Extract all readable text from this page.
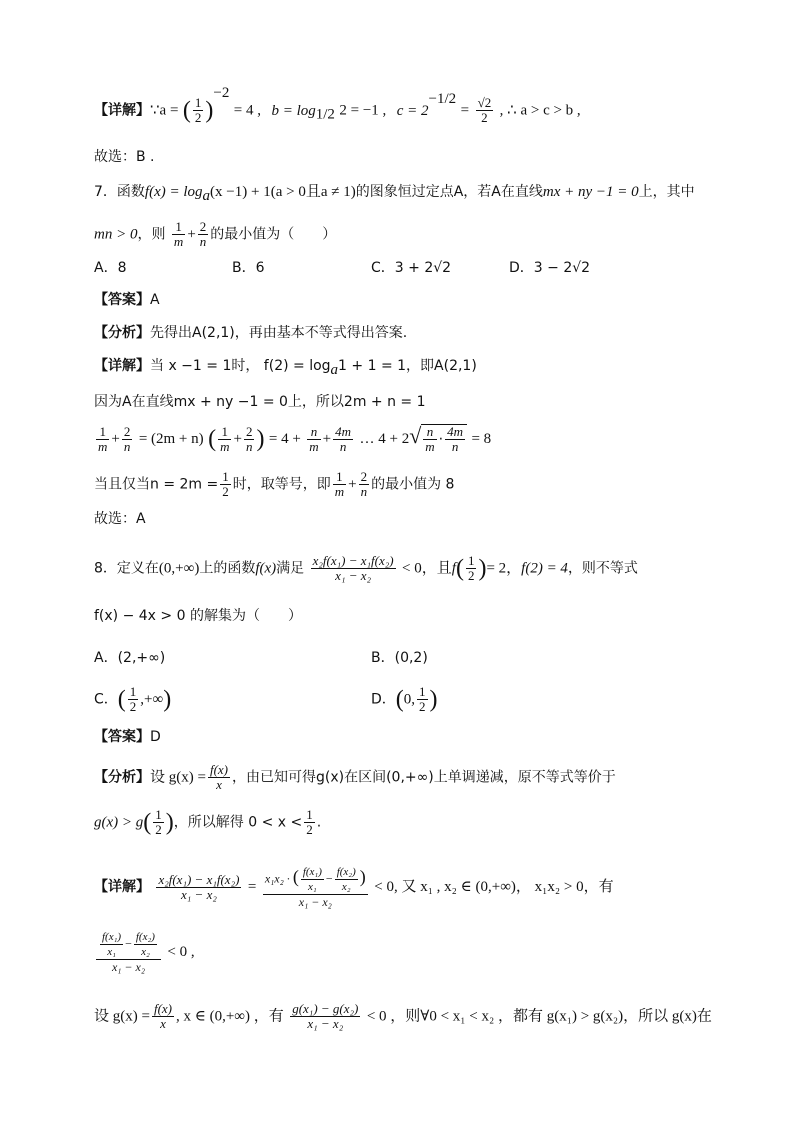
【详解】∵a = ( $\frac{1}{2} )^{-2} = 4$ , $b = \log_{1/2} 2 = -1$ , $c = 2^{-1/2} = \frac{√2}{2}$ , ∴ a > c > b ,
故选：B .
7．函数$f(x) = \log_a(x -1) + 1(a > 0$且a ≠ 1)的图象恒过定点A，若A在直线mx + ny −1 = 0上，其中
mn > 0，则 $\frac{1}{m} + \frac{2}{n}$ 的最小值为（　　）
A．8	B．6	C．3 + 2√2	D．3 − 2√2
【答案】A
【分析】先得出A(2,1)，再由基本不等式得出答案.
【详解】当 x −1 = 1时， $f(2) = \log_a1 + 1 = 1$，即A(2,1)
因为A在直线mx + ny −1 = 0上，所以2m + n = 1
$\frac{1}{m} + \frac{2}{n} = (2m + n)$ ( $\frac{1}{m} + \frac{2}{n}$ ) = $4 + \frac{n}{m} + \frac{4m}{n}$ … $4 + 2√ \frac{n}{m} \cdot \frac{4m}{n} = 8$
当且仅当$n = 2m = \frac{1}{2}$ 时，取等号，即 $\frac{1}{m} + \frac{2}{n}$ 的最小值为 8
故选：A
8．定义在(0,+∞)上的函数f(x)满足 $\frac{\text{x₂f(x₁) − x₁f(x₂)}}{\text{x₁ − x₂}} < 0$，且$f( \frac{1}{2}$ )= 2，f(2) = 4，则不等式
f(x) − 4x > 0 的解集为（　　）
A．(2,+∞)	B．(0,2)
C．( $\frac{1}{2}$ ,+∞)	D．(0, $\frac{1}{2}$ )
【答案】D
【分析】设 $g(x) = \frac{f(x)}{x}$ ，由已知可得g(x)在区间(0,+∞)上单调递减，原不等式等价于
$g(x) > g( \frac{1}{2}$ )，所以解得 $0 < x < \frac{1}{2}$ .
【详解】 $\frac{\text{x₂f(x₁) − x₁f(x₂)}}{\text{x₁ − x₂}} = \frac{x_1x_2 \cdot ( \frac{\text{f(x₁)}}{\text{x₁}} - \frac{\text{f(x₂)}}{\text{x₂}} )}{\text{x₁ − x₂}} < 0$, 又 x₁ , x₂ ∈ (0,+∞)， x₁x₂ > 0，有
$\frac{\frac{\text{f(x₁)}}{\text{x₁}} - \frac{\text{f(x₂)}}{\text{x₂}}}{\text{x₁ − x₂}} < 0$ ,
设 $g(x) = \frac{f(x)}{x}$ , x ∈ (0,+∞) ，有 $\frac{\text{g(x₁) − g(x₂)}}{\text{x₁ − x₂}} < 0$ ，则∀0 < x₁ < x₂ ，都有 g(x₁) > g(x₂)，所以 g(x)在
